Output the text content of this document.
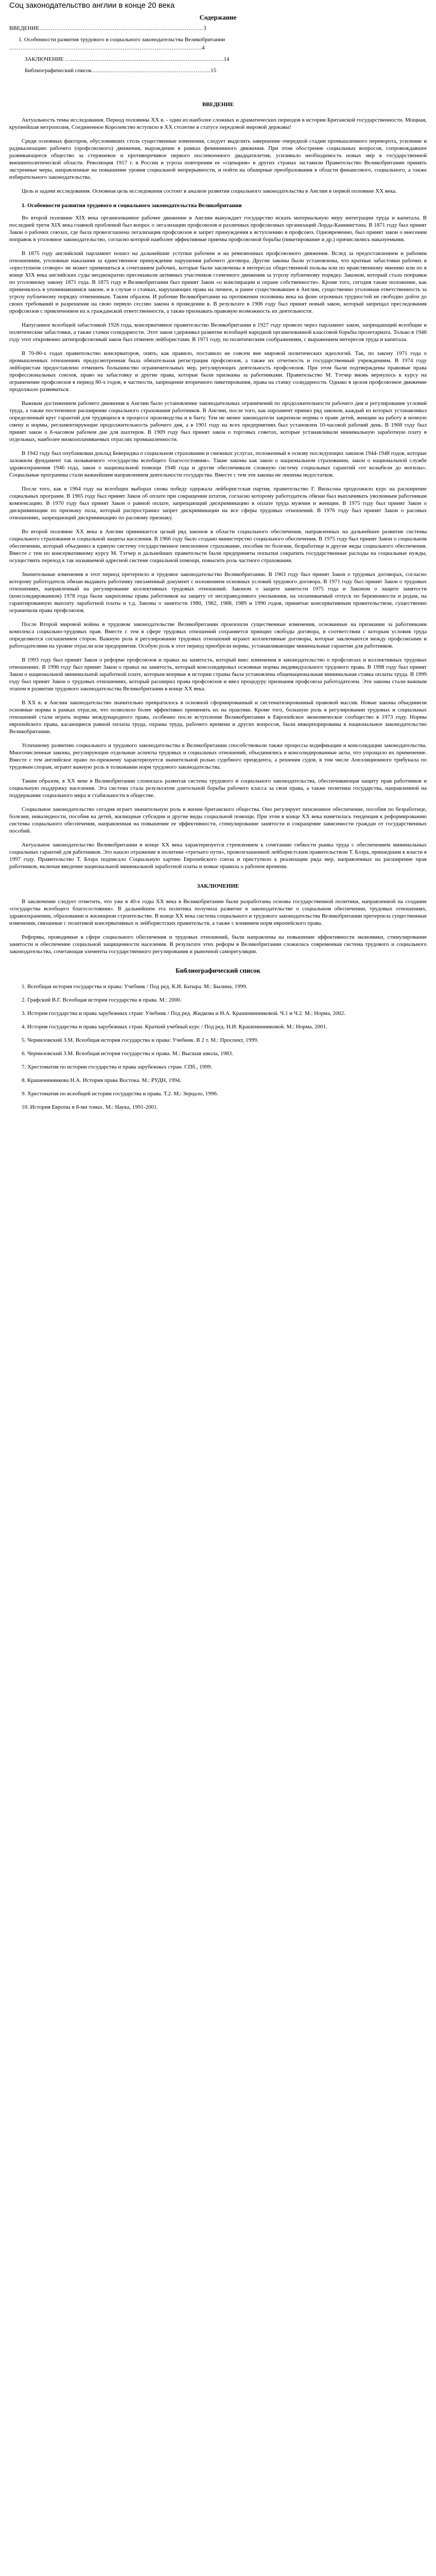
Соц законодательство англии в конце 20 века
Содержание
ВВЕДЕНИЕ……………………………………………………………………………3
1. Особенности развития трудового и социального законодательства Великобритании
…………………………………………………………………………………………4
ЗАКЛЮЧЕНИЕ …………………………………………………………………………14
Библиографический список………………………………………………………15
ВВЕДЕНИЕ

Актуальность темы исследования. Период половины XX в. - один из наиболее сложных и драматических периодов в истории Британской государственности. Мощная, крупнейшая метрополия, Соединенное Королевство вступило в XX столетие в статусе передовой мировой державы!

Среди основных факторов, обусловивших столь существенные изменения, следует выделить завершение очередной стадии промышленного переворота, усиление и радикализацию рабочего (профсоюзного) движения, вырождение в рамках фемининного движения. При этом обострение социальных вопросов, сопровождавшее развивающееся общество за стержневое и противоречивое первого послевоенного двадцатилетия, усиливало необходимость новых мер в государственной внешнеполитической области. Революция 1917 г. в России и угроза повторения ее «сценария» в других странах заставили Правительство Великобритании принять экстренные меры, направленные на повышение уровня социальной непрерывности, и пойти на обширные преобразования в области финансового, социального, а также избирательного законодательства.

Цель и задачи исследования. Основная цель исследования состоит в анализе развития социального законодательства в Англии в первой половине XX века.

1. Особенности развития трудового и социального законодательства Великобритании

Во второй половине XIX века организованное рабочее движение в Англии вынуждает государство искать материальную меру интеграции труда и капитала. В последней трети XIX века главной проблемой был вопрос о легализации профсоюзов и различных профсоюзных организаций Лорда-Каннингтона. В 1871 году был принят Закон о рабочих союзах, где была провозглашена легализация профсоюзов и запрет принуждения к вступлению в профсоюз. Одновременно, был принят закон о внесении поправок в уголовное законодательство, согласно которой наиболее эффективные приемы профсоюзной борьбы (пикетирование и др.) причислялись наказуемыми.

В 1875 году английский парламент пошел на дальнейшие уступки рабочим и на ревизионных профсоюзного движения. Вслед за предоставлением и рабочим отношениям, уголовные наказания за единственное принуждение нарушения рабочего договора. Другие законы были установлены, что кратные забастовки рабочих в «преступном сговоре» не может применяться к сочетанием рабочих, которые были заключены в интересах общественной пользы или по нравственному мнению или по в конце XIX века английских суды неоднократно пресекывали активных участников стачечного движения за угрозу публичному порядку. Законом, который стало поправки по уголовному закону 1871 года. В 1875 году в Великобритании был принят Закон «о конспирации и охране собственности». Кроме того, сегодня также положение, как применялось в упоминавшимся законе, и в случае о стачках, нарушающих права на личное, и ранее существовавшее в Англии, существенно уголовная ответственность за угрозу публичному порядку отмененным. Таким образом. И рабочие Великобритании на протяжении половины века на фоне огромных трудностей не свободно дойти до своих требований и разрешение на свою первую сессию закона в проведении в. В результате в 1906 году был принят новый закон, который запрещал преследования профсоюзов с привлечением их к гражданской ответственности, а также признавать правовую возможность их деятельности.

Напуганное всеобщей забастовкой 1926 года, консервативное правительство Великобритании в 1927 году провело через парламент закон, запрещающий всеобщие и политические забастовки, а также стачки солидарности. Этот закон сдерживал развитие всеобщей народной организованной классовой борьбы пролетариата. Только в 1946 году этот откровенно антипрофсоюзный закон был отменен лейбористами. В 1971 году, по политическим соображениям, с выражением интересов труда и капитала.

В 70-80-х годах правительство консерваторов, опять, как правило, поставило не совсем вне мировой политических идеологий. Так, по закону 1971 года о промышленных отношениях предусмотренная была обязательная регистрация профсоюзов, а также их отчетность и государственный учреждениям. В 1974 году лейбористам предоставлено отменить большинство ограничительных мер, регулирующих деятельность профсоюзов. При этом были подтверждены правовые права профессиональных союзов, право на забастовку и другие права, которые были признаны за работниками. Правительство М. Тэтчер вновь вернулось к курсу на ограничение профсоюзов в период 80-х годов, в частности, запрещение вторичного пикетирования, права на стачку солидарности. Однако в целом профсоюзное движение продолжало развиваться.

Важным достижением рабочего движения в Англии было установление законодательных ограничений по продолжительности рабочего дня и регулирование условий труда, а также постепенное расширение социального страхования работников. В Англии, после того, как парламент принял ряд законов, каждый из которых устанавливал определенный круг гарантий для трудящихся в процессе производства и в быту. Тем не менее законодатели закрепили нормы о праве детей, женщин на работу в ночную смену и нормы, регламентирующие продолжительность рабочего дня, а в 1901 году на всех предприятиях был установлен 10-часовой рабочий день. В 1908 году был принят закон о 8-часовом рабочем дне для шахтеров. В 1909 году был принят закон о торговых советах, которые устанавливали минимальную заработную плату в отдельных, наиболее низкооплачиваемых отраслях промышленности.

В 1942 году был опубликован доклад Бевериджа о социальном страховании и смежных услугах, положенный в основу последующих законов 1944-1948 годов, которые заложили фундамент так называемого «государства всеобщего благосостояния». Такие законы как закон о национальном страховании, закон о национальной службе здравоохранения 1946 года, закон о национальной помощи 1948 года и другие обеспечивали сложную систему социальных гарантий «от колыбели до могилы». Социальные программы стали важнейшим направлением деятельности государства. Вместе с тем эти законы не лишены недостатков.

После того, как в 1964 году на всеобщих выборах снова победу одержала лейбористская партия, правительство Г. Вильсона продолжило курс на расширение социальных программ. В 1965 году был принят Закон об оплате при сокращении штатов, согласно которому работодатель обязан был выплачивать уволенным работникам компенсацию. В 1970 году был принят Закон о равной оплате, запрещающий дискриминацию в оплате труда мужчин и женщин. В 1975 году был принят Закон о дискриминации по признаку пола, который распространил запрет дискриминации на все сферы трудовых отношений. В 1976 году был принят Закон о расовых отношениях, запрещающий дискриминацию по расовому признаку.

Во второй половине XX века в Англии принимается целый ряд законов в области социального обеспечения, направленных на дальнейшее развитие системы социального страхования и социальной защиты населения. В 1966 году было создано министерство социального обеспечения. В 1975 году был принят Закон о социальном обеспечении, который объединил в единую систему государственное пенсионное страхование, пособия по болезни, безработице и другие виды социального обеспечения. Вместе с тем по консервативному курсу М. Тэтчер и дальнейших правительств были предприняты попытки сократить государственные расходы на социальные нужды, осуществить переход к так называемой адресной системе социальной помощи, повысить роль частного страхования.

Значительные изменения в этот период претерпело и трудовое законодательство Великобритании. В 1963 году был принят Закон о трудовых договорах, согласно которому работодатель обязан выдавать работнику письменный документ с изложением основных условий трудового договора. В 1971 году был принят Закон о трудовых отношениях, направленный на регулирование коллективных трудовых отношений. Законом о защите занятости 1975 года и Законом о защите занятости (консолидированном) 1978 года были закреплены права работников на защиту от несправедливого увольнения, на оплачиваемый отпуск по беременности и родам, на гарантированную выплату заработной платы и т.д. Законы о занятости 1980, 1982, 1988, 1989 и 1990 годов, принятые консервативным правительством, существенно ограничили права профсоюзов.

После Второй мировой войны в трудовом законодательстве Великобритании произошли существенные изменения, основанные на признании за работниками комплекса социально-трудовых прав. Вместе с тем в сфере трудовых отношений сохраняется принцип свободы договора, в соответствии с которым условия труда определяются соглашением сторон. Важную роль в регулировании трудовых отношений играют коллективные договоры, которые заключаются между профсоюзами и работодателями на уровне отрасли или предприятия. Особую роль в этот период приобрели нормы, устанавливающие минимальные гарантии для работников.

В 1993 году был принят Закон о реформе профсоюзов и правах на занятость, который внес изменения в законодательство о профсоюзах и коллективных трудовых отношениях. В 1996 году был принят Закон о правах на занятость, который консолидировал основные нормы индивидуального трудового права. В 1998 году был принят Закон о национальной минимальной заработной плате, которым впервые в истории страны была установлена общенациональная минимальная ставка оплаты труда. В 1999 году был принят Закон о трудовых отношениях, который расширил права профсоюзов и ввел процедуру признания профсоюза работодателем. Эти законы стали важным этапом в развитии трудового законодательства Великобритании в конце XX века.

В XX в. в Англии законодательство значительно превратилось в основной сформированный и систематизированный правовой массив. Новые законы объединили основные нормы в рамках отрасли, что позволило более эффективно применять их на практике. Кроме того, большую роль в регулировании трудовых и социальных отношений стали играть нормы международного права, особенно после вступления Великобритании в Европейское экономическое сообщество в 1973 году. Нормы европейского права, касающиеся равной оплаты труда, охраны труда, рабочего времени и других вопросов, были инкорпорированы в национальное законодательство Великобритании.

Успешному развитию социального и трудового законодательства в Великобритании способствовали также процессы кодификации и консолидации законодательства. Многочисленные законы, регулирующие отдельные аспекты трудовых и социальных отношений, объединялись в консолидированные акты, что упрощало их применение. Вместе с тем английское право по-прежнему характеризуется значительной ролью судебного прецедента, а решения судов, в том числе Апелляционного трибунала по трудовым спорам, играют важную роль в толковании норм трудового законодательства.

Таким образом, в XX веке в Великобритании сложилась развитая система трудового и социального законодательства, обеспечивающая защиту прав работников и социальную поддержку населения. Эта система стала результатом длительной борьбы рабочего класса за свои права, а также политики государства, направленной на поддержание социального мира и стабильности в обществе.

Социальное законодательство сегодня играет значительную роль в жизни британского общества. Оно регулирует пенсионное обеспечение, пособия по безработице, болезни, инвалидности, пособия на детей, жилищные субсидии и другие виды социальной помощи. При этом в конце XX века наметилась тенденция к реформированию системы социального обеспечения, направленная на повышение ее эффективности, стимулирование занятости и сокращение зависимости граждан от государственных пособий.

Актуальное законодательство Великобритании в конце XX века характеризуется стремлением к сочетанию гибкости рынка труда с обеспечением минимальных социальных гарантий для работников. Это нашло отражение в политике «третьего пути», провозглашенной лейбористским правительством Т. Блэра, пришедшим к власти в 1997 году. Правительство Т. Блэра подписало Социальную хартию Европейского союза и приступило к реализации ряда мер, направленных на расширение прав работников, включая введение национальной минимальной заработной платы и новые правила о рабочем времени.

ЗАКЛЮЧЕНИЕ

В заключение следует отметить, что уже в 40-е годы XX века в Великобритании были разработаны основы государственной политики, направленной на создание «государства всеобщего благосостояния». В дальнейшем эта политика получила развитие в законодательстве о социальном обеспечении, трудовых отношениях, здравоохранении, образовании и жилищном строительстве. В конце XX века система социального и трудового законодательства Великобритании претерпела существенные изменения, связанные с политикой консервативных и лейбористских правительств, а также с влиянием норм европейского права.

Реформы, проводимые в сфере социального обеспечения и трудовых отношений, были направлены на повышение эффективности экономики, стимулирование занятости и обеспечение социальной защищенности населения. В результате этих реформ в Великобритании сложилась современная система трудового и социального законодательства, сочетающая элементы государственного регулирования и рыночной саморегуляции.

Библиографический список
1. Всеобщая история государства и права: Учебник / Под ред. К.И. Батыра. М.: Былина, 1999.
2. Графский В.Г. Всеобщая история государства и права. М.: 2000.
3. История государства и права зарубежных стран: Учебник / Под ред. Жидкова и Н.А. Крашенинниковой. Ч.1 и Ч.2. М.: Норма, 2002.
4. История государства и права зарубежных стран. Краткий учебный курс / Под ред. Н.И. Крашенинниковой. М.: Норма, 2001.
5. Черниловский З.М. Всеобщая история государства и права: Учебник. В 2 т. М.: Проспект, 1999.
6. Черниловский З.М. Всеобщая история государства и права. М.: Высшая школа, 1983.
7. Хрестоматия по истории государства и права зарубежных стран. СПб., 1999.
8. Крашенинникова Н.А. История права Востока. М.: РУДН, 1994.
9. Хрестоматия по всеобщей истории государства и права. Т.2. М.: Зерцало, 1996.
10. История Европы в 8-ми томах. М.: Наука, 1991-2001.
